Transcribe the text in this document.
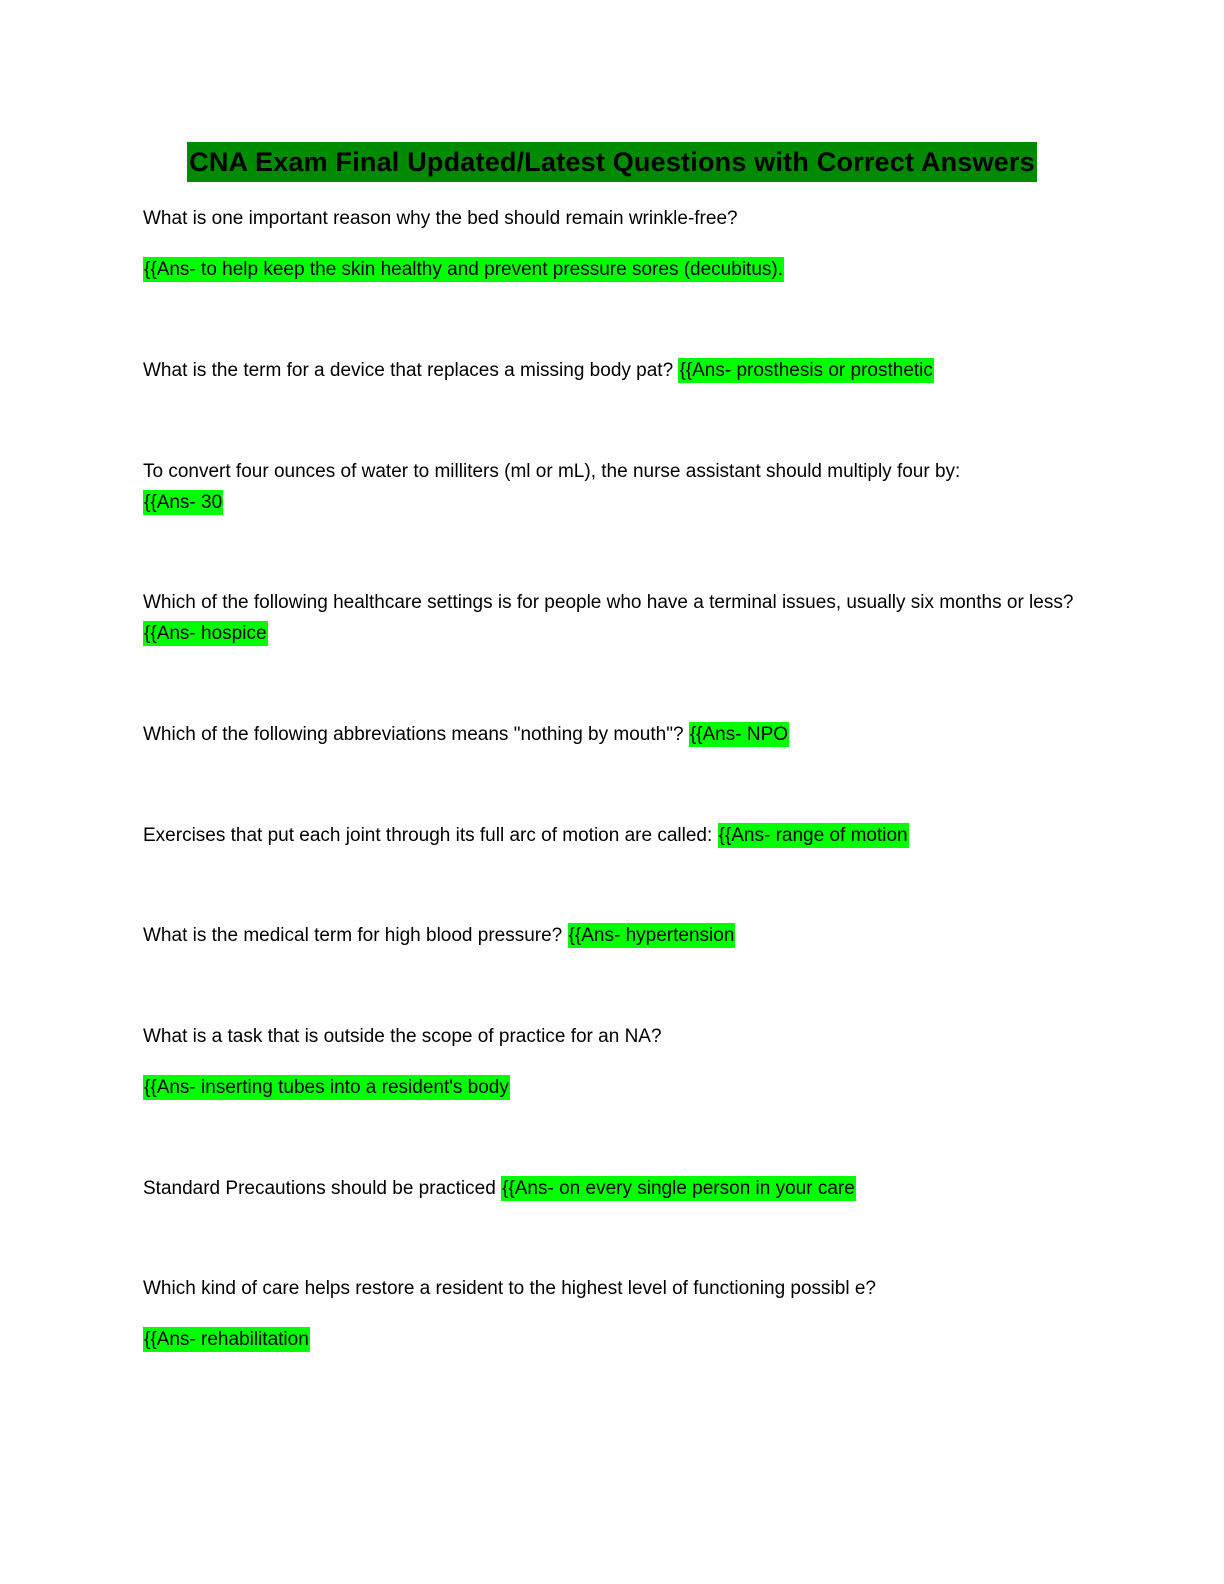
CNA Exam Final Updated/Latest Questions with Correct Answers
What is one important reason why the bed should remain wrinkle-free?
{{Ans- to help keep the skin healthy and prevent pressure sores (decubitus).
What is the term for a device that replaces a missing body pat? {{Ans- prosthesis or prosthetic
To convert four ounces of water to milliters (ml or mL), the nurse assistant should multiply four by:
{{Ans- 30
Which of the following healthcare settings is for people who have a terminal issues, usually six months or less? {{Ans- hospice
Which of the following abbreviations means "nothing by mouth"? {{Ans- NPO
Exercises that put each joint through its full arc of motion are called: {{Ans- range of motion
What is the medical term for high blood pressure? {{Ans- hypertension
What is a task that is outside the scope of practice for an NA?
{{Ans- inserting tubes into a resident's body
Standard Precautions should be practiced {{Ans- on every single person in your care
Which kind of care helps restore a resident to the highest level of functioning possibl e?
{{Ans- rehabilitation
